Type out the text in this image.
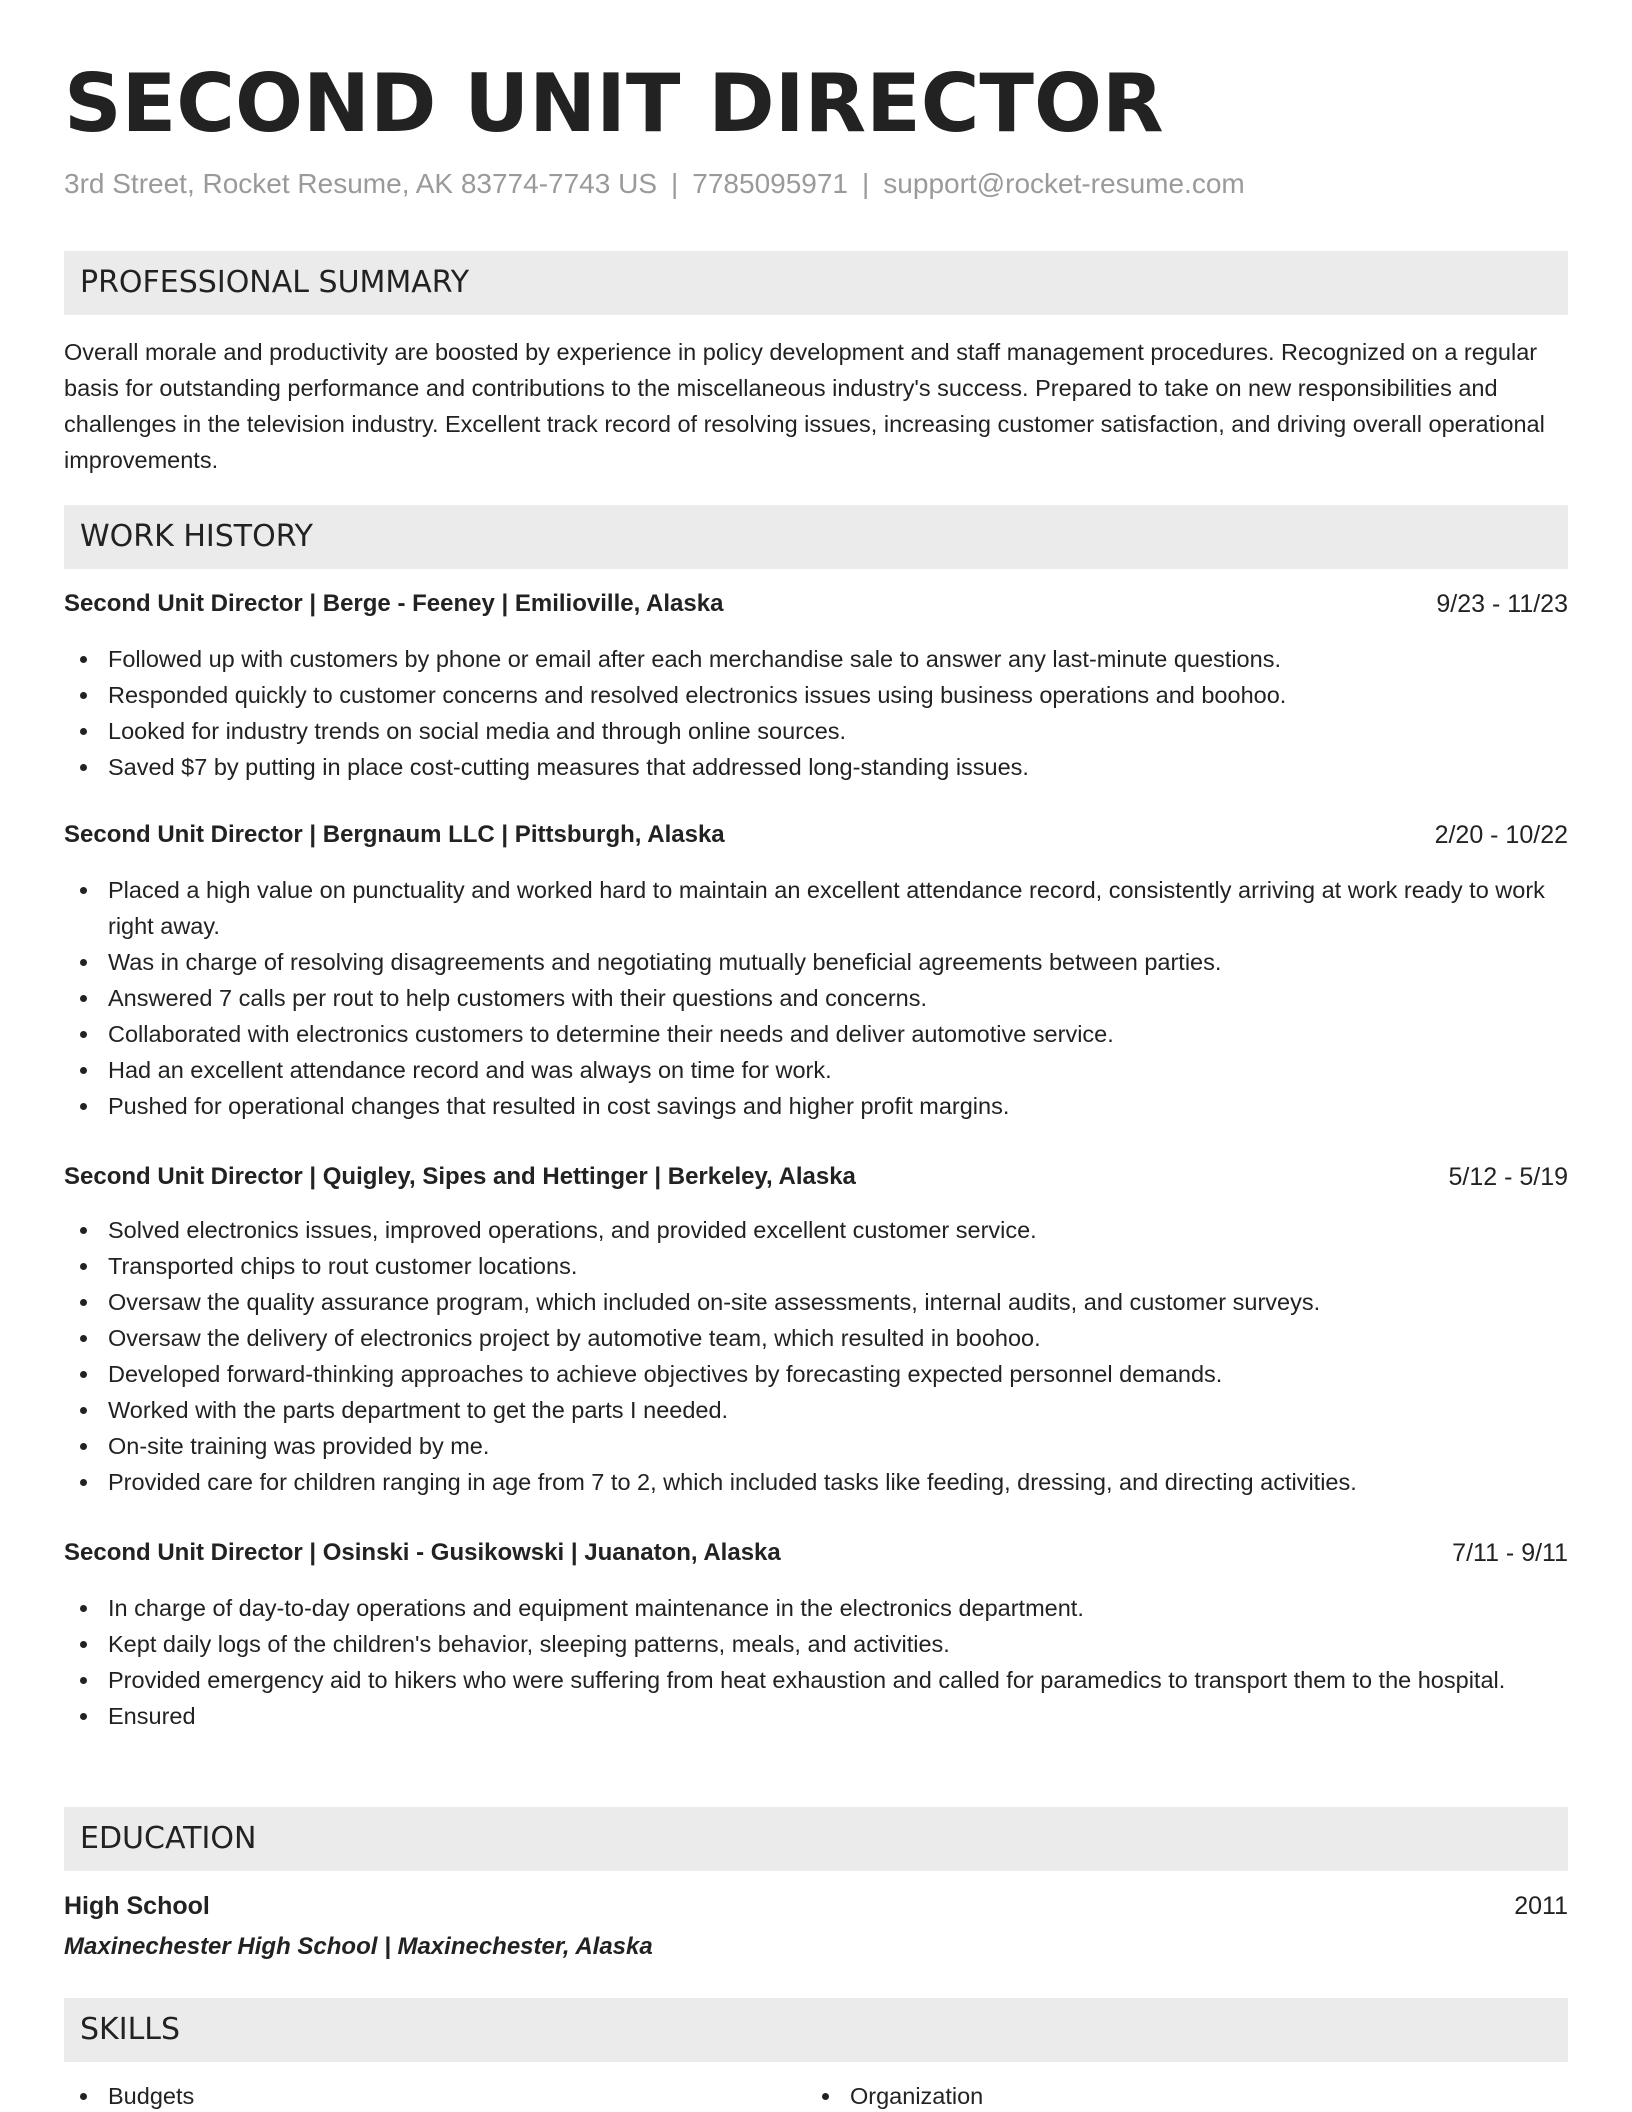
SECOND UNIT DIRECTOR
3rd Street, Rocket Resume, AK 83774-7743 US | 7785095971 | support@rocket-resume.com
PROFESSIONAL SUMMARY

Overall morale and productivity are boosted by experience in policy development and staff management procedures. Recognized on a regular basis for outstanding performance and contributions to the miscellaneous industry's success. Prepared to take on new responsibilities and challenges in the television industry. Excellent track record of resolving issues, increasing customer satisfaction, and driving overall operational improvements.

WORK HISTORY
Second Unit Director | Berge - Feeney | Emilioville, Alaska	9/23 - 11/23
Followed up with customers by phone or email after each merchandise sale to answer any last-minute questions.
Responded quickly to customer concerns and resolved electronics issues using business operations and boohoo.
Looked for industry trends on social media and through online sources.
Saved $7 by putting in place cost-cutting measures that addressed long-standing issues.
Second Unit Director | Bergnaum LLC | Pittsburgh, Alaska	2/20 - 10/22
Placed a high value on punctuality and worked hard to maintain an excellent attendance record, consistently arriving at work ready to work right away.
Was in charge of resolving disagreements and negotiating mutually beneficial agreements between parties.
Answered 7 calls per rout to help customers with their questions and concerns.
Collaborated with electronics customers to determine their needs and deliver automotive service.
Had an excellent attendance record and was always on time for work.
Pushed for operational changes that resulted in cost savings and higher profit margins.
Second Unit Director | Quigley, Sipes and Hettinger | Berkeley, Alaska	5/12 - 5/19
Solved electronics issues, improved operations, and provided excellent customer service.
Transported chips to rout customer locations.
Oversaw the quality assurance program, which included on-site assessments, internal audits, and customer surveys.
Oversaw the delivery of electronics project by automotive team, which resulted in boohoo.
Developed forward-thinking approaches to achieve objectives by forecasting expected personnel demands.
Worked with the parts department to get the parts I needed.
On-site training was provided by me.
Provided care for children ranging in age from 7 to 2, which included tasks like feeding, dressing, and directing activities.
Second Unit Director | Osinski - Gusikowski | Juanaton, Alaska	7/11 - 9/11
In charge of day-to-day operations and equipment maintenance in the electronics department.
Kept daily logs of the children's behavior, sleeping patterns, meals, and activities.
Provided emergency aid to hikers who were suffering from heat exhaustion and called for paramedics to transport them to the hospital.
Ensured
EDUCATION
High School	2011
Maxinechester High School | Maxinechester, Alaska
SKILLS
Budgets	Organization
